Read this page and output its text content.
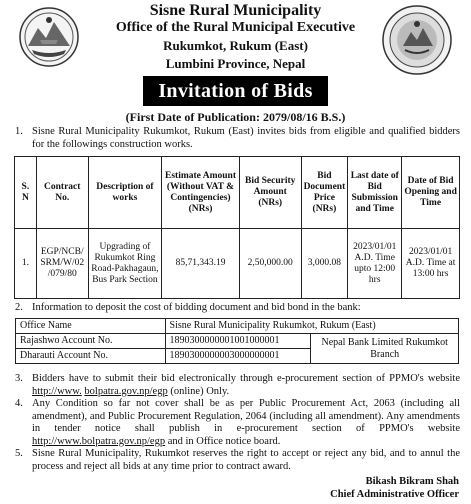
Sisne Rural Municipality
Office of the Rural Municipal Executive
Rukumkot, Rukum (East)
Lumbini Province, Nepal
Invitation of Bids
(First Date of Publication: 2079/08/16 B.S.)
1. Sisne Rural Municipality Rukumkot, Rukum (East) invites bids from eligible and qualified bidders for the followings construction works.
S. N	Contract No.	Description of works	Estimate Amount (Without VAT & Contingencies) (NRs)	Bid Security Amount (NRs)	Bid Document Price (NRs)	Last date of Bid Submission and Time	Date of Bid Opening and Time
1.	EGP/NCB/ SRM/W/02 /079/80	Upgrading of Rukumkot Ring Road-Pakhagaun, Bus Park Section	85,71,343.19	2,50,000.00	3,000.08	2023/01/01 A.D. Time upto 12:00 hrs	2023/01/01 A.D. Time at 13:00 hrs
2. Information to deposit the cost of bidding document and bid bond in the bank:
Office Name	Sisne Rural Municipality Rukumkot, Rukum (East)	
Rajashwo Account No.	1890300000001001000001	Nepal Bank Limited Rukumkot Branch
Dharauti Account No.	1890300000003000000001	
3. Bidders have to submit their bid electronically through e-procurement section of PPMO's website http://www. bolpatra.gov.np/egp (online) Only.
4. Any Condition so far not cover shall be as per Public Procurement Act, 2063 (including all amendment), and Public Procurement Regulation, 2064 (including all amendment). Any amendments in tender notice shall publish in e-procurement section of PPMO's website http://www.bolpatra.gov.np/egp and in Office notice board.
5. Sisne Rural Municipality, Rukumkot reserves the right to accept or reject any bid, and to annul the process and reject all bids at any time prior to contract award.
Bikash Bikram Shah
Chief Administrative Officer
